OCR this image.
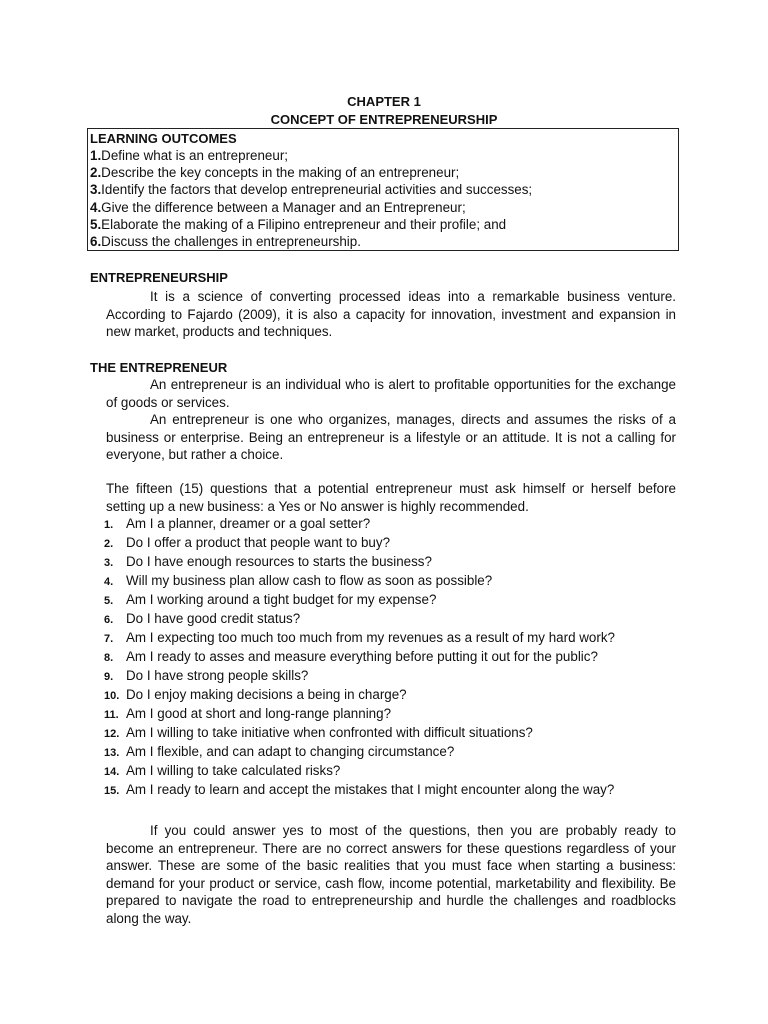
CHAPTER 1
CONCEPT OF ENTREPRENEURSHIP
LEARNING OUTCOMES
1.Define what is an entrepreneur;
2.Describe the key concepts in the making of an entrepreneur;
3.Identify the factors that develop entrepreneurial activities and successes;
4.Give the difference between a Manager and an Entrepreneur;
5.Elaborate the making of a Filipino entrepreneur and their profile; and
6.Discuss the challenges in entrepreneurship.
ENTREPRENEURSHIP
It is a science of converting processed ideas into a remarkable business venture. According to Fajardo (2009), it is also a capacity for innovation, investment and expansion in new market, products and techniques.
THE ENTREPRENEUR
An entrepreneur is an individual who is alert to profitable opportunities for the exchange of goods or services.
An entrepreneur is one who organizes, manages, directs and assumes the risks of a business or enterprise. Being an entrepreneur is a lifestyle or an attitude. It is not a calling for everyone, but rather a choice.
The fifteen (15) questions that a potential entrepreneur must ask himself or herself before setting up a new business: a Yes or No answer is highly recommended.
1. Am I a planner, dreamer or a goal setter?
2. Do I offer a product that people want to buy?
3. Do I have enough resources to starts the business?
4. Will my business plan allow cash to flow as soon as possible?
5. Am I working around a tight budget for my expense?
6. Do I have good credit status?
7. Am I expecting too much too much from my revenues as a result of my hard work?
8. Am I ready to asses and measure everything before putting it out for the public?
9. Do I have strong people skills?
10. Do I enjoy making decisions a being in charge?
11. Am I good at short and long-range planning?
12. Am I willing to take initiative when confronted with difficult situations?
13. Am I flexible, and can adapt to changing circumstance?
14. Am I willing to take calculated risks?
15. Am I ready to learn and accept the mistakes that I might encounter along the way?
If you could answer yes to most of the questions, then you are probably ready to become an entrepreneur. There are no correct answers for these questions regardless of your answer. These are some of the basic realities that you must face when starting a business: demand for your product or service, cash flow, income potential, marketability and flexibility. Be prepared to navigate the road to entrepreneurship and hurdle the challenges and roadblocks along the way.
